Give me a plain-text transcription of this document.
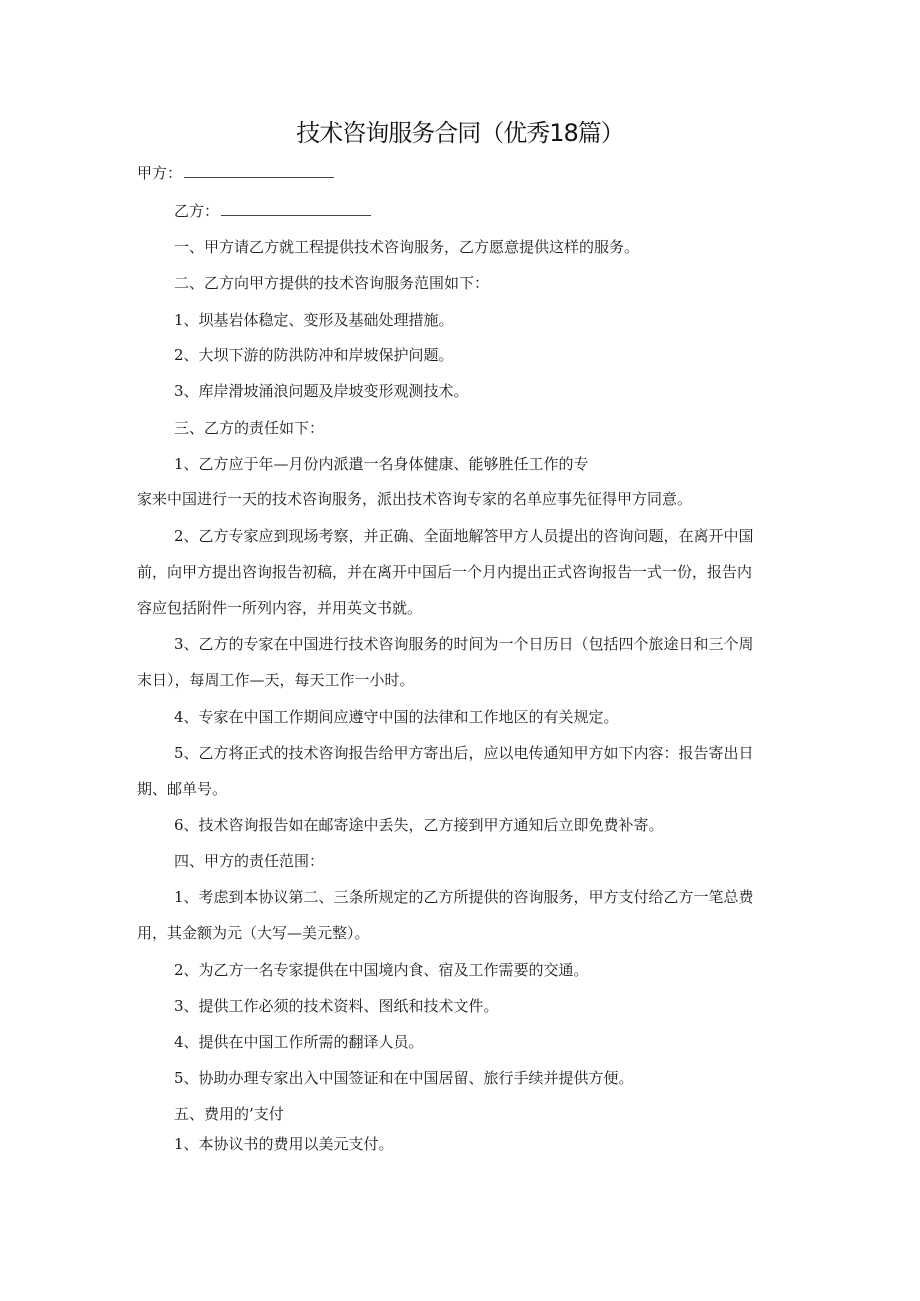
技术咨询服务合同（优秀18篇）
甲方：
乙方：
一、甲方请乙方就工程提供技术咨询服务，乙方愿意提供这样的服务。
二、乙方向甲方提供的技术咨询服务范围如下：
1、坝基岩体稳定、变形及基础处理措施。
2、大坝下游的防洪防冲和岸坡保护问题。
3、库岸滑坡涌浪问题及岸坡变形观测技术。
三、乙方的责任如下：
1、乙方应于年—月份内派遣一名身体健康、能够胜任工作的专
家来中国进行一天的技术咨询服务，派出技术咨询专家的名单应事先征得甲方同意。
2、乙方专家应到现场考察，并正确、全面地解答甲方人员提出的咨询问题，在离开中国
前，向甲方提出咨询报告初稿，并在离开中国后一个月内提出正式咨询报告一式一份，报告内
容应包括附件一所列内容，并用英文书就。
3、乙方的专家在中国进行技术咨询服务的时间为一个日历日（包括四个旅途日和三个周
末日），每周工作—天，每天工作一小时。
4、专家在中国工作期间应遵守中国的法律和工作地区的有关规定。
5、乙方将正式的技术咨询报告给甲方寄出后，应以电传通知甲方如下内容：报告寄出日
期、邮单号。
6、技术咨询报告如在邮寄途中丢失，乙方接到甲方通知后立即免费补寄。
四、甲方的责任范围：
1、考虑到本协议第二、三条所规定的乙方所提供的咨询服务，甲方支付给乙方一笔总费
用，其金额为元（大写—美元整）。
2、为乙方一名专家提供在中国境内食、宿及工作需要的交通。
3、提供工作必须的技术资料、图纸和技术文件。
4、提供在中国工作所需的翻译人员。
5、协助办理专家出入中国签证和在中国居留、旅行手续并提供方便。
五、费用的’支付
1、本协议书的费用以美元支付。
